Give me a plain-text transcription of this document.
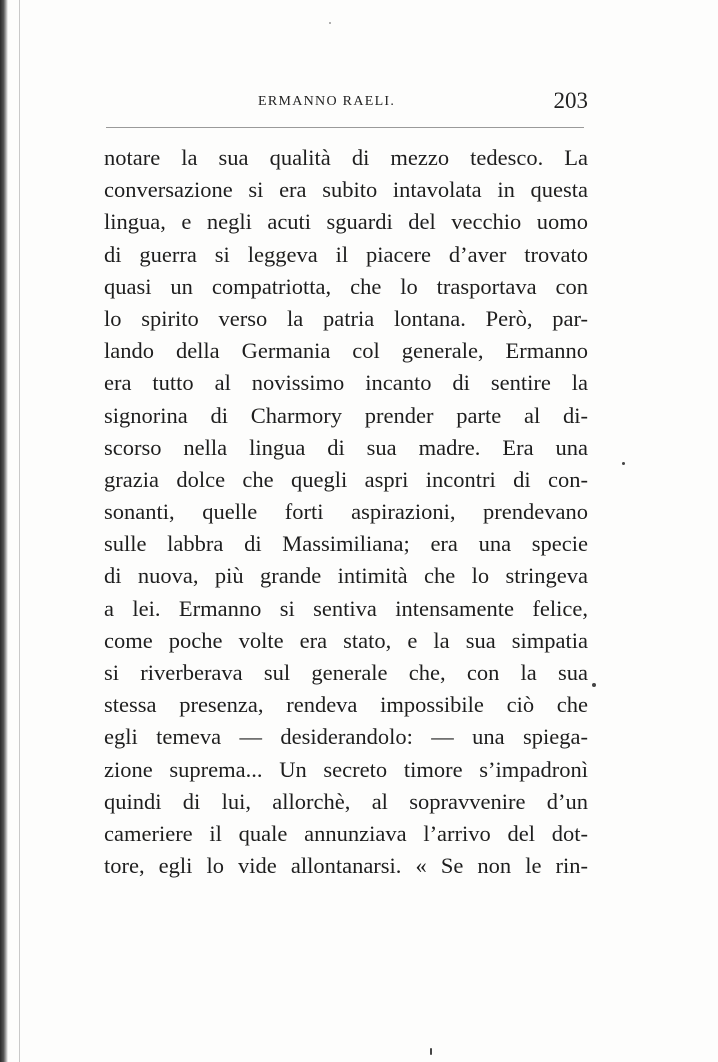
ERMANNO RAELI.	203
notare la sua qualità di mezzo tedesco. La
conversazione si era subito intavolata in questa
lingua, e negli acuti sguardi del vecchio uomo
di guerra si leggeva il piacere d’aver trovato
quasi un compatriotta, che lo trasportava con
lo spirito verso la patria lontana. Però, par-
lando della Germania col generale, Ermanno
era tutto al novissimo incanto di sentire la
signorina di Charmory prender parte al di-
scorso nella lingua di sua madre. Era una
grazia dolce che quegli aspri incontri di con-
sonanti, quelle forti aspirazioni, prendevano
sulle labbra di Massimiliana; era una specie
di nuova, più grande intimità che lo stringeva
a lei. Ermanno si sentiva intensamente felice,
come poche volte era stato, e la sua simpatia
si riverberava sul generale che, con la sua
stessa presenza, rendeva impossibile ciò che
egli temeva — desiderandolo: — una spiega-
zione suprema... Un secreto timore s’impadronì
quindi di lui, allorchè, al sopravvenire d’un
cameriere il quale annunziava l’arrivo del dot-
tore, egli lo vide allontanarsi. « Se non le rin-
